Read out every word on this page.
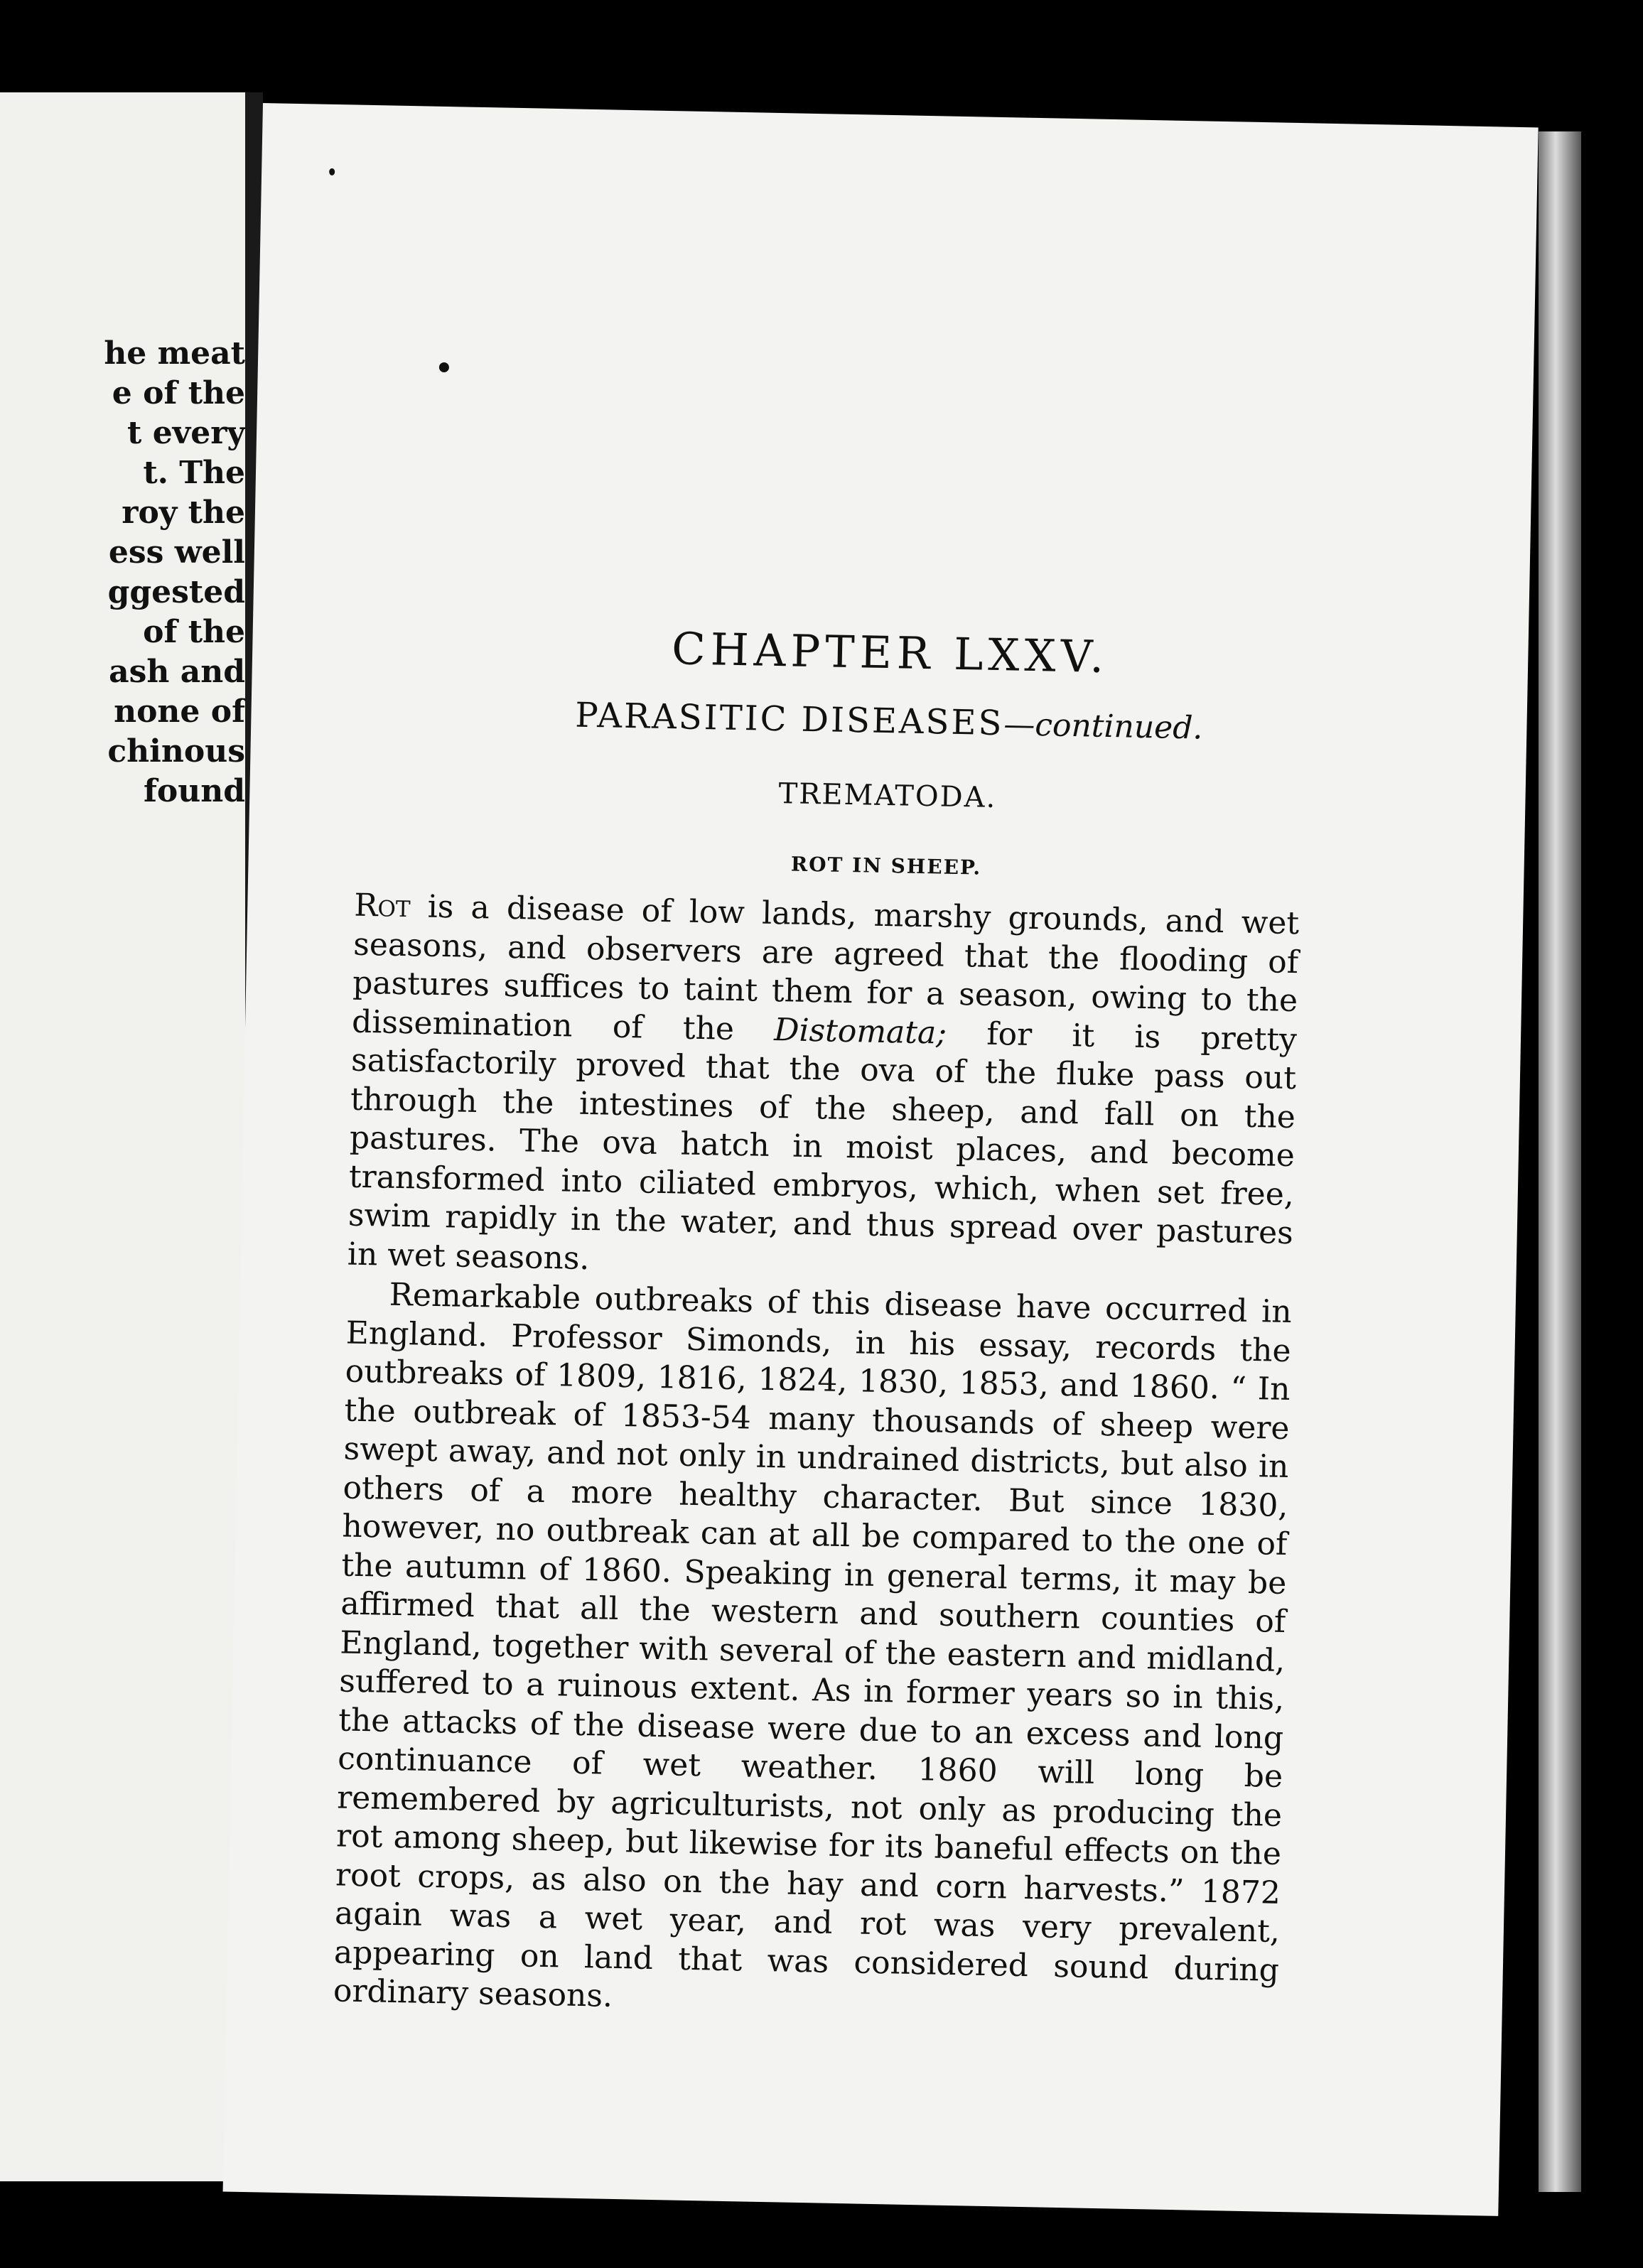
he meat
e of the
t every
t. The
roy the
ess well
ggested
of the
ash and
none of
chinous
found
CHAPTER LXXV.
PARASITIC DISEASES—continued.
TREMATODA.
ROT IN SHEEP.

Rot is a disease of low lands, marshy grounds, and wet seasons, and observers are agreed that the flooding of pastures suffices to taint them for a season, owing to the dissemination of the Distomata; for it is pretty satisfactorily proved that the ova of the fluke pass out through the intestines of the sheep, and fall on the pastures. The ova hatch in moist places, and become transformed into ciliated embryos, which, when set free, swim rapidly in the water, and thus spread over pastures in wet seasons.

Remarkable outbreaks of this disease have occurred in England. Professor Simonds, in his essay, records the outbreaks of 1809, 1816, 1824, 1830, 1853, and 1860. “ In the outbreak of 1853-54 many thousands of sheep were swept away, and not only in undrained districts, but also in others of a more healthy character. But since 1830, however, no outbreak can at all be compared to the one of the autumn of 1860. Speaking in general terms, it may be affirmed that all the western and southern counties of England, together with several of the eastern and midland, suffered to a ruinous extent. As in former years so in this, the attacks of the disease were due to an excess and long continuance of wet weather. 1860 will long be remembered by agriculturists, not only as producing the rot among sheep, but likewise for its baneful effects on the root crops, as also on the hay and corn harvests.” 1872 again was a wet year, and rot was very prevalent, appearing on land that was considered sound during ordinary seasons.
